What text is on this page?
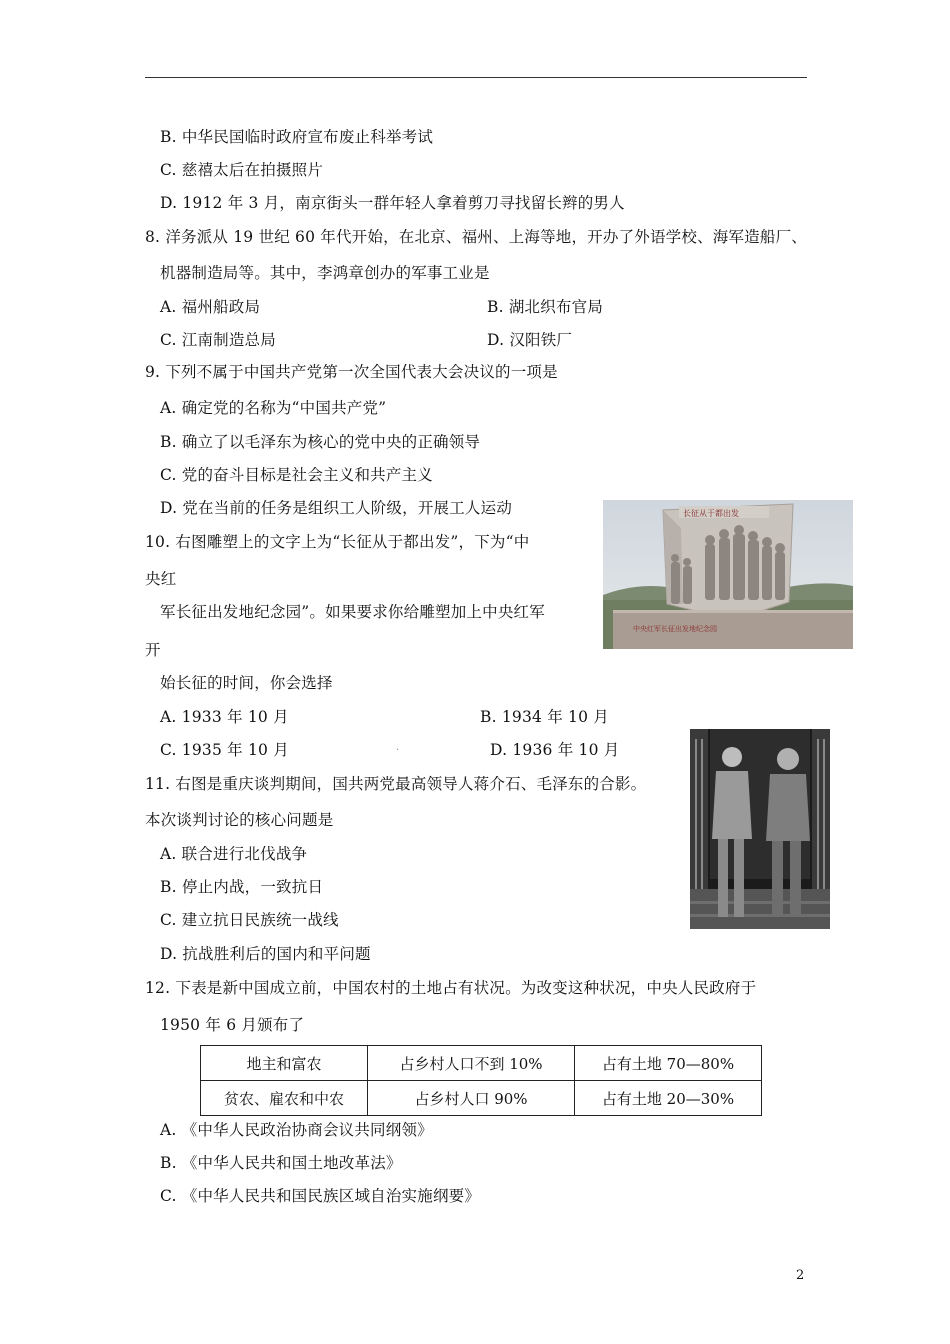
B. 中华民国临时政府宣布废止科举考试
C. 慈禧太后在拍摄照片
D. 1912 年 3 月，南京街头一群年轻人拿着剪刀寻找留长辫的男人
8. 洋务派从 19 世纪 60 年代开始，在北京、福州、上海等地，开办了外语学校、海军造船厂、
机器制造局等。其中，李鸿章创办的军事工业是
A. 福州船政局	B. 湖北织布官局
C. 江南制造总局	D. 汉阳铁厂
9. 下列不属于中国共产党第一次全国代表大会决议的一项是
A. 确定党的名称为“中国共产党”
B. 确立了以毛泽东为核心的党中央的正确领导
C. 党的奋斗目标是社会主义和共产主义
D. 党在当前的任务是组织工人阶级，开展工人运动
10. 右图雕塑上的文字上为“长征从于都出发”，下为“中
央红
军长征出发地纪念园”。如果要求你给雕塑加上中央红军
开
始长征的时间，你会选择
A. 1933 年 10 月	B. 1934 年 10 月
C. 1935 年 10 月	D. 1936 年 10 月
.
长征从于都出发
中央红军长征出发地纪念园
11. 右图是重庆谈判期间，国共两党最高领导人蒋介石、毛泽东的合影。
本次谈判讨论的核心问题是
A. 联合进行北伐战争
B. 停止内战，一致抗日
C. 建立抗日民族统一战线
D. 抗战胜利后的国内和平问题
12. 下表是新中国成立前，中国农村的土地占有状况。为改变这种状况，中央人民政府于
1950 年 6 月颁布了
地主和富农	占乡村人口不到 10%	占有土地 70—80%
贫农、雇农和中农	占乡村人口 90%	占有土地 20—30%
A. 《中华人民政治协商会议共同纲领》
B. 《中华人民共和国土地改革法》
C. 《中华人民共和国民族区域自治实施纲要》
2
